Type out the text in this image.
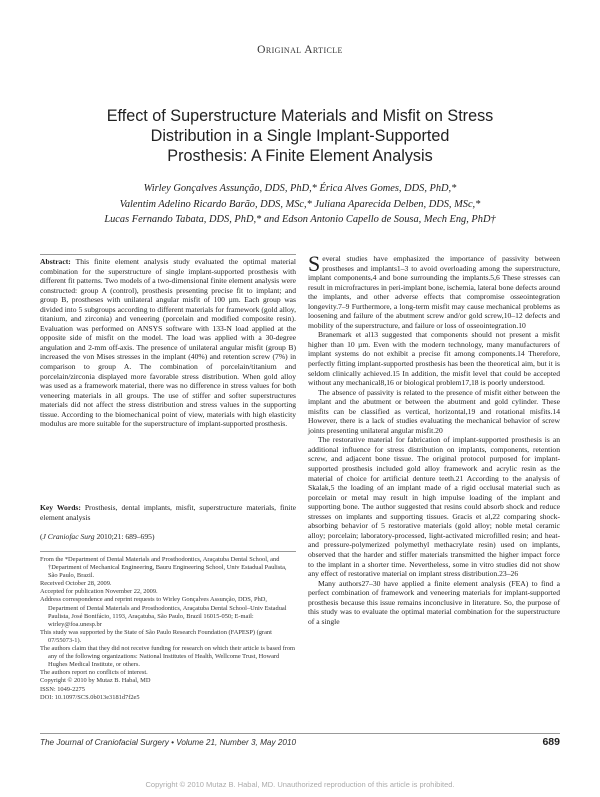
Original Article
Effect of Superstructure Materials and Misfit on Stress
Distribution in a Single Implant-Supported
Prosthesis: A Finite Element Analysis
Wirley Gonçalves Assunção, DDS, PhD,* Érica Alves Gomes, DDS, PhD,*
Valentim Adelino Ricardo Barão, DDS, MSc,* Juliana Aparecida Delben, DDS, MSc,*
Lucas Fernando Tabata, DDS, PhD,* and Edson Antonio Capello de Sousa, Mech Eng, PhD†

Abstract: This finite element analysis study evaluated the optimal material combination for the superstructure of single implant-supported prosthesis with different fit patterns. Two models of a two-dimensional finite element analysis were constructed: group A (control), prosthesis presenting precise fit to implant; and group B, prostheses with unilateral angular misfit of 100 µm. Each group was divided into 5 subgroups according to different materials for framework (gold alloy, titanium, and zirconia) and veneering (porcelain and modified composite resin). Evaluation was performed on ANSYS software with 133-N load applied at the opposite side of misfit on the model. The load was applied with a 30-degree angulation and 2-mm off-axis. The presence of unilateral angular misfit (group B) increased the von Mises stresses in the implant (40%) and retention screw (7%) in comparison to group A. The combination of porcelain/titanium and porcelain/zirconia displayed more favorable stress distribution. When gold alloy was used as a framework material, there was no difference in stress values for both veneering materials in all groups. The use of stiffer and softer superstructures materials did not affect the stress distribution and stress values in the supporting tissue. According to the biomechanical point of view, materials with high elasticity modulus are more suitable for the superstructure of implant-supported prosthesis.

Key Words: Prosthesis, dental implants, misfit, superstructure materials, finite element analysis

(J Craniofac Surg 2010;21: 689–695)

From the *Department of Dental Materials and Prosthodontics, Araçatuba Dental School, and †Department of Mechanical Engineering, Bauru Engineering School, Univ Estadual Paulista, São Paulo, Brazil.

Received October 28, 2009.

Accepted for publication November 22, 2009.

Address correspondence and reprint requests to Wirley Gonçalves Assunção, DDS, PhD, Department of Dental Materials and Prosthodontics, Araçatuba Dental School–Univ Estadual Paulista, José Bonifácio, 1193, Araçatuba, São Paulo, Brazil 16015-050; E-mail: wirley@foa.unesp.br

This study was supported by the State of São Paulo Research Foundation (FAPESP) (grant 07/55073-1).

The authors claim that they did not receive funding for research on which their article is based from any of the following organizations: National Institutes of Health, Wellcome Trust, Howard Hughes Medical Institute, or others.

The authors report no conflicts of interest.

Copyright © 2010 by Mutaz B. Habal, MD

ISSN: 1049-2275

DOI: 10.1097/SCS.0b013e3181d7f2e5

Several studies have emphasized the importance of passivity between prostheses and implants1–3 to avoid overloading among the superstructure, implant components,4 and bone surrounding the implants.5,6 These stresses can result in microfractures in peri-implant bone, ischemia, lateral bone defects around the implants, and other adverse effects that compromise osseointegration longevity.7–9 Furthermore, a long-term misfit may cause mechanical problems as loosening and failure of the abutment screw and/or gold screw,10–12 defects and mobility of the superstructure, and failure or loss of osseointegration.10

Branemark et al13 suggested that components should not present a misfit higher than 10 µm. Even with the modern technology, many manufacturers of implant systems do not exhibit a precise fit among components.14 Therefore, perfectly fitting implant-supported prosthesis has been the theoretical aim, but it is seldom clinically achieved.15 In addition, the misfit level that could be accepted without any mechanical8,16 or biological problem17,18 is poorly understood.

The absence of passivity is related to the presence of misfit either between the implant and the abutment or between the abutment and gold cylinder. These misfits can be classified as vertical, horizontal,19 and rotational misfits.14 However, there is a lack of studies evaluating the mechanical behavior of screw joints presenting unilateral angular misfit.20

The restorative material for fabrication of implant-supported prosthesis is an additional influence for stress distribution on implants, components, retention screw, and adjacent bone tissue. The original protocol purposed for implant-supported prosthesis included gold alloy framework and acrylic resin as the material of choice for artificial denture teeth.21 According to the analysis of Skalak,5 the loading of an implant made of a rigid occlusal material such as porcelain or metal may result in high impulse loading of the implant and supporting bone. The author suggested that resins could absorb shock and reduce stresses on implants and supporting tissues. Gracis et al,22 comparing shock-absorbing behavior of 5 restorative materials (gold alloy; noble metal ceramic alloy; porcelain; laboratory-processed, light-activated microfilled resin; and heat- and pressure-polymerized polymethyl methacrylate resin) used on implants, observed that the harder and stiffer materials transmitted the higher impact force to the implant in a shorter time. Nevertheless, some in vitro studies did not show any effect of restorative material on implant stress distribution.23–26

Many authors27–30 have applied a finite element analysis (FEA) to find a perfect combination of framework and veneering materials for implant-supported prosthesis because this issue remains inconclusive in literature. So, the purpose of this study was to evaluate the optimal material combination for the superstructure of a single

The Journal of Craniofacial Surgery • Volume 21, Number 3, May 2010	689
Copyright © 2010 Mutaz B. Habal, MD. Unauthorized reproduction of this article is prohibited.
